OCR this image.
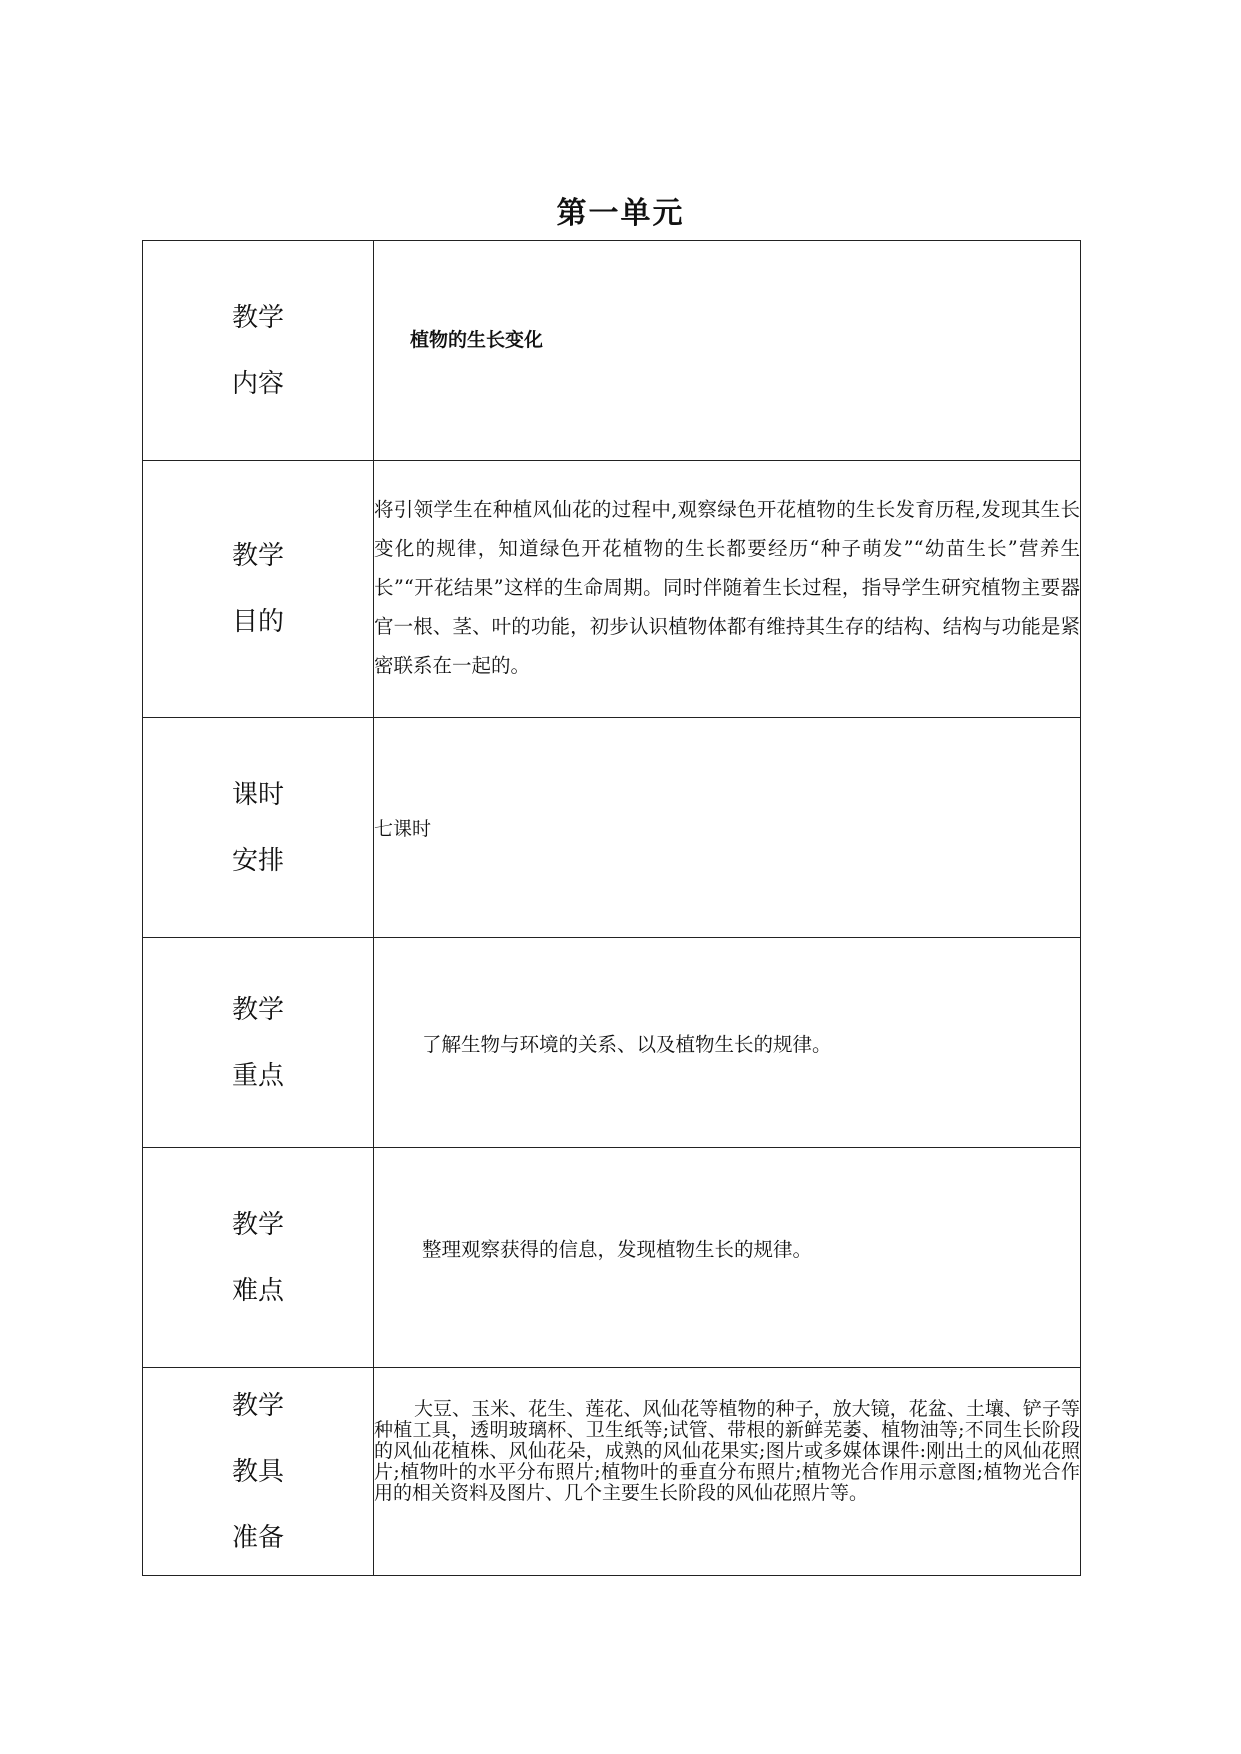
第一单元
教学
内容	植物的生长变化

教学
目的	将引领学生在种植风仙花的过程中,观察绿色开花植物的生长发育历程,发现其生长变化的规律，知道绿色开花植物的生长都要经历“种子萌发”“幼苗生长”营养生长”“开花结果”这样的生命周期。同时伴随着生长过程，指导学生研究植物主要器官一根、茎、叶的功能，初步认识植物体都有维持其生存的结构、结构与功能是紧密联系在一起的。

课时
安排	七课时

教学
重点	了解生物与环境的关系、以及植物生长的规律。

教学
难点	整理观察获得的信息，发现植物生长的规律。

教学
教具
准备	大豆、玉米、花生、莲花、风仙花等植物的种子，放大镜，花盆、土壤、铲子等种植工具，透明玻璃杯、卫生纸等;试管、带根的新鲜芜萎、植物油等;不同生长阶段的风仙花植株、风仙花朵，成熟的风仙花果实;图片或多媒体课件:刚出土的风仙花照片;植物叶的水平分布照片;植物叶的垂直分布照片;植物光合作用示意图;植物光合作用的相关资料及图片、几个主要生长阶段的风仙花照片等。
